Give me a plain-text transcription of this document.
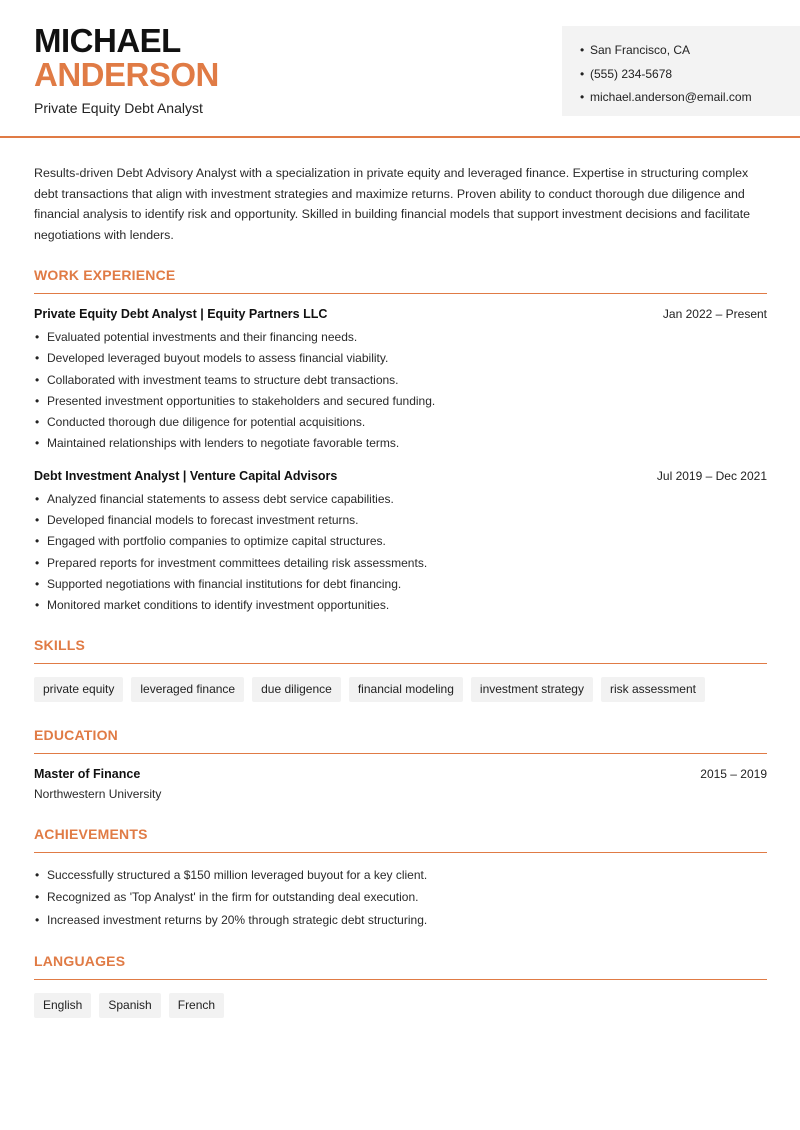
MICHAEL
ANDERSON
Private Equity Debt Analyst
• San Francisco, CA
• (555) 234-5678
• michael.anderson@email.com

Results-driven Debt Advisory Analyst with a specialization in private equity and leveraged finance. Expertise in structuring complex debt transactions that align with investment strategies and maximize returns. Proven ability to conduct thorough due diligence and financial analysis to identify risk and opportunity. Skilled in building financial models that support investment decisions and facilitate negotiations with lenders.

WORK EXPERIENCE
Private Equity Debt Analyst | Equity Partners LLC	Jan 2022 – Present
• Evaluated potential investments and their financing needs.
• Developed leveraged buyout models to assess financial viability.
• Collaborated with investment teams to structure debt transactions.
• Presented investment opportunities to stakeholders and secured funding.
• Conducted thorough due diligence for potential acquisitions.
• Maintained relationships with lenders to negotiate favorable terms.
Debt Investment Analyst | Venture Capital Advisors	Jul 2019 – Dec 2021
• Analyzed financial statements to assess debt service capabilities.
• Developed financial models to forecast investment returns.
• Engaged with portfolio companies to optimize capital structures.
• Prepared reports for investment committees detailing risk assessments.
• Supported negotiations with financial institutions for debt financing.
• Monitored market conditions to identify investment opportunities.
SKILLS
private equity	leveraged finance	due diligence	financial modeling	investment strategy	risk assessment
EDUCATION
Master of Finance	2015 – 2019
Northwestern University
ACHIEVEMENTS
• Successfully structured a $150 million leveraged buyout for a key client.
• Recognized as 'Top Analyst' in the firm for outstanding deal execution.
• Increased investment returns by 20% through strategic debt structuring.
LANGUAGES
English	Spanish	French
